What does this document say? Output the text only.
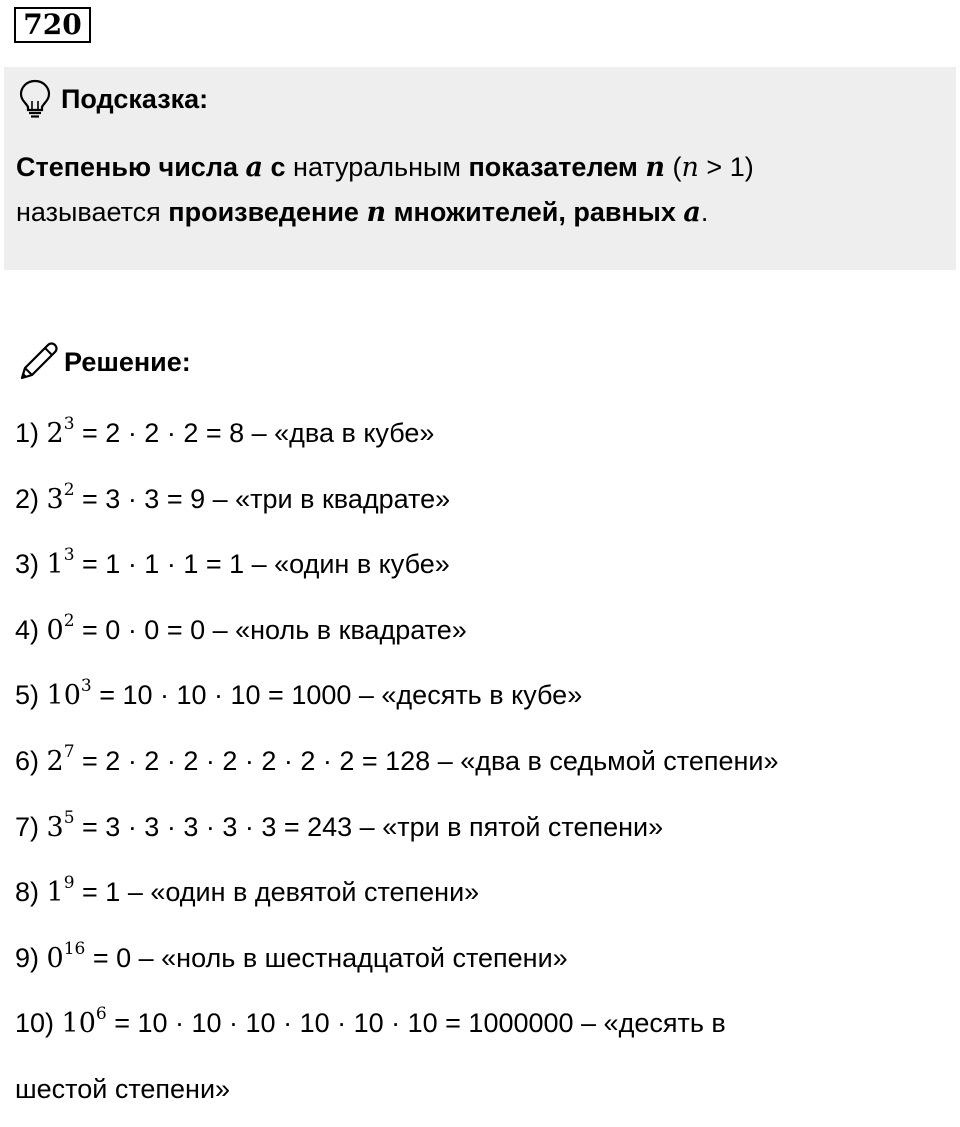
720
Подсказка:
Степенью числа a с натуральным показателем n (n > 1)
называется произведение n множителей, равных a.
Решение:
1) $2^3 = 2 \cdot 2 \cdot 2 = 8$ – «два в кубе»
2) $3^2 = 3 \cdot 3 = 9$ – «три в квадрате»
3) $1^3 = 1 \cdot 1 \cdot 1 = 1$ – «один в кубе»
4) $0^2 = 0 \cdot 0 = 0$ – «ноль в квадрате»
5) $10^3 = 10 \cdot 10 \cdot 10 = 1000$ – «десять в кубе»
6) $2^7 = 2 \cdot 2 \cdot 2 \cdot 2 \cdot 2 \cdot 2 \cdot 2 = 128$ – «два в седьмой степени»
7) $3^5 = 3 \cdot 3 \cdot 3 \cdot 3 \cdot 3 = 243$ – «три в пятой степени»
8) $1^9 = 1$ – «один в девятой степени»
9) $0^{16} = 0$ – «ноль в шестнадцатой степени»
10) $10^6 = 10 \cdot 10 \cdot 10 \cdot 10 \cdot 10 \cdot 10 = 1000000$ – «десять в
шестой степени»
